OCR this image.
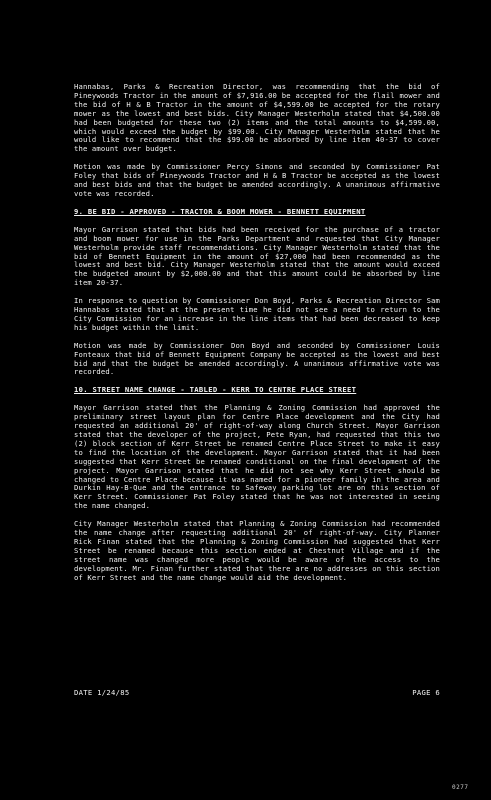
Hannabas, Parks & Recreation Director, was recommending that the bid of Pineywoods Tractor in the amount of $7,916.00 be accepted for the flail mower and the bid of H & B Tractor in the amount of $4,599.00 be accepted for the rotary mower as the lowest and best bids. City Manager Westerholm stated that $4,500.00 had been budgeted for these two (2) items and the total amounts to $4,599.00, which would exceed the budget by $99.00. City Manager Westerholm stated that he would like to recommend that the $99.00 be absorbed by line item 40-37 to cover the amount over budget.

Motion was made by Commissioner Percy Simons and seconded by Commissioner Pat Foley that bids of Pineywoods Tractor and H & B Tractor be accepted as the lowest and best bids and that the budget be amended accordingly. A unanimous affirmative vote was recorded.

9. BE BID - APPROVED - TRACTOR & BOOM MOWER - BENNETT EQUIPMENT

Mayor Garrison stated that bids had been received for the purchase of a tractor and boom mower for use in the Parks Department and requested that City Manager Westerholm provide staff recommendations. City Manager Westerholm stated that the bid of Bennett Equipment in the amount of $27,000 had been recommended as the lowest and best bid. City Manager Westerholm stated that the amount would exceed the budgeted amount by $2,000.00 and that this amount could be absorbed by line item 20-37.

In response to question by Commissioner Don Boyd, Parks & Recreation Director Sam Hannabas stated that at the present time he did not see a need to return to the City Commission for an increase in the line items that had been decreased to keep his budget within the limit.

Motion was made by Commissioner Don Boyd and seconded by Commissioner Louis Fonteaux that bid of Bennett Equipment Company be accepted as the lowest and best bid and that the budget be amended accordingly. A unanimous affirmative vote was recorded.

10. STREET NAME CHANGE - TABLED - KERR TO CENTRE PLACE STREET

Mayor Garrison stated that the Planning & Zoning Commission had approved the preliminary street layout plan for Centre Place development and the City had requested an additional 20' of right-of-way along Church Street. Mayor Garrison stated that the developer of the project, Pete Ryan, had requested that this two (2) block section of Kerr Street be renamed Centre Place Street to make it easy to find the location of the development. Mayor Garrison stated that it had been suggested that Kerr Street be renamed conditional on the final development of the project. Mayor Garrison stated that he did not see why Kerr Street should be changed to Centre Place because it was named for a pioneer family in the area and Durkin Hay-B-Que and the entrance to Safeway parking lot are on this section of Kerr Street. Commissioner Pat Foley stated that he was not interested in seeing the name changed.

City Manager Westerholm stated that Planning & Zoning Commission had recommended the name change after requesting additional 20' of right-of-way. City Planner Rick Finan stated that the Planning & Zoning Commission had suggested that Kerr Street be renamed because this section ended at Chestnut Village and if the street name was changed more people would be aware of the access to the development. Mr. Finan further stated that there are no addresses on this section of Kerr Street and the name change would aid the development.

DATE 1/24/85	PAGE 6
0277
